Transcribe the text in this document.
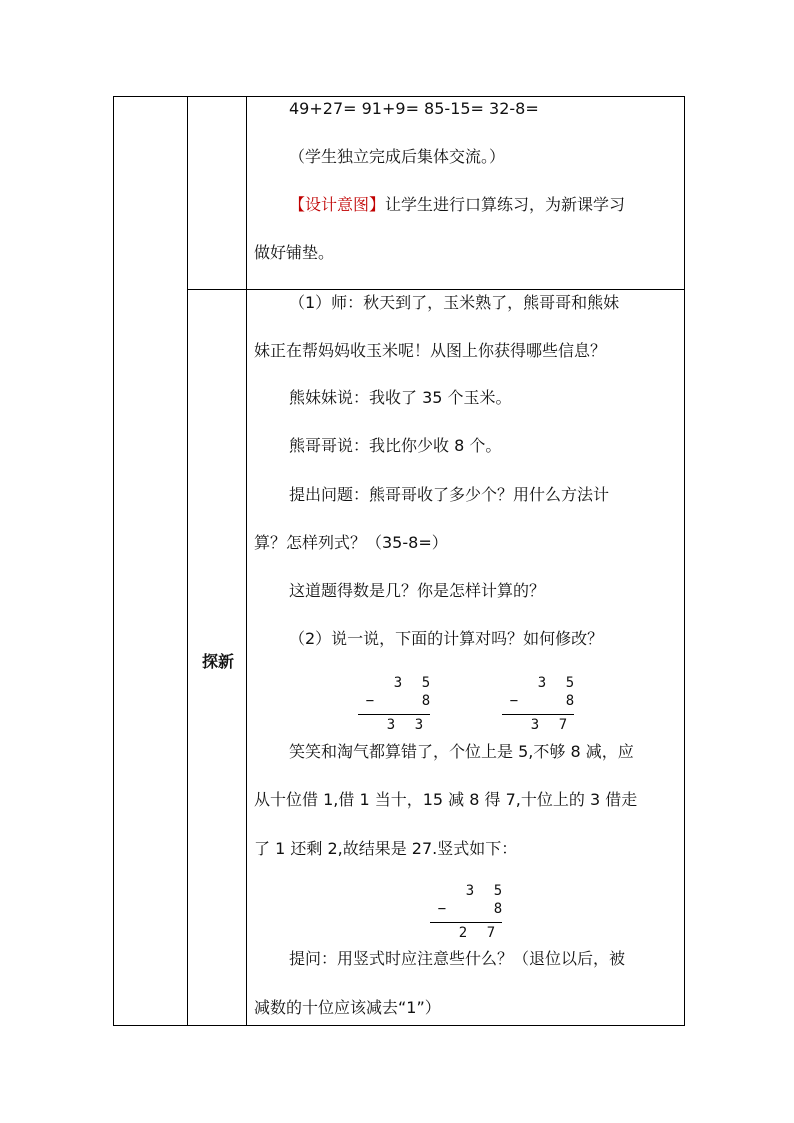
探新
49+27= 91+9= 85-15= 32-8=
（学生独立完成后集体交流。）
【设计意图】让学生进行口算练习，为新课学习
做好铺垫。
（1）师：秋天到了，玉米熟了，熊哥哥和熊妹
妹正在帮妈妈收玉米呢！从图上你获得哪些信息？
熊妹妹说：我收了 35 个玉米。
熊哥哥说：我比你少收 8 个。
提出问题：熊哥哥收了多少个？用什么方法计
算？怎样列式？（35-8=）
这道题得数是几？你是怎样计算的？
（2）说一说，下面的计算对吗？如何修改？
3 5
−	8
3 3
3 5
−	8
3 7
笑笑和淘气都算错了，个位上是 5,不够 8 减，应
从十位借 1,借 1 当十，15 减 8 得 7,十位上的 3 借走
了 1 还剩 2,故结果是 27.竖式如下：
3 5
−	8
2 7
提问：用竖式时应注意些什么？（退位以后，被
减数的十位应该减去“1”）
